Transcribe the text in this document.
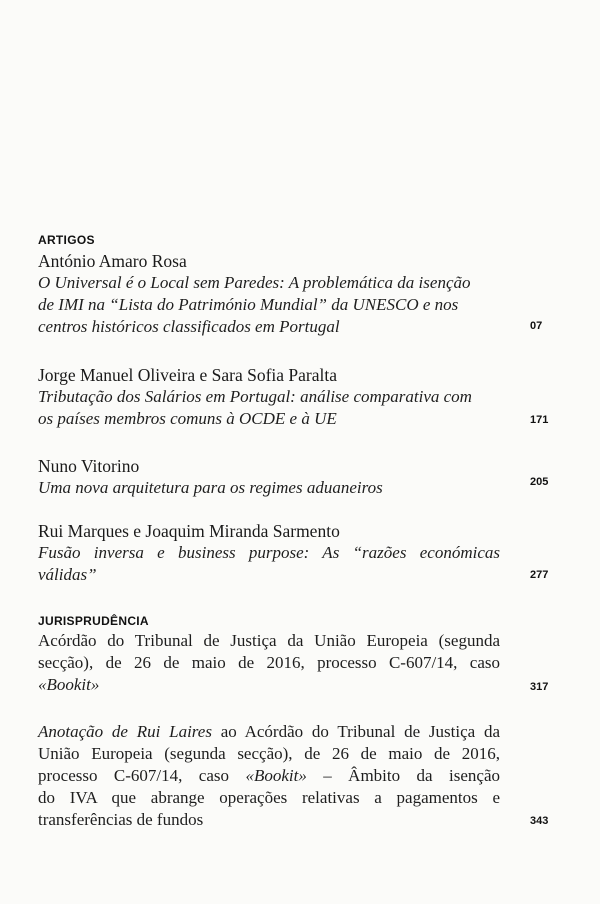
ARTIGOS
António Amaro Rosa
O Universal é o Local sem Paredes: A problemática da isenção
de IMI na “Lista do Património Mundial” da UNESCO e nos
centros históricos classificados em Portugal	07
Jorge Manuel Oliveira e Sara Sofia Paralta
Tributação dos Salários em Portugal: análise comparativa com
os países membros comuns à OCDE e à UE	171
Nuno Vitorino
Uma nova arquitetura para os regimes aduaneiros	205
Rui Marques e Joaquim Miranda Sarmento
Fusão inversa e business purpose: As “razões económicas
válidas”	277
JURISPRUDÊNCIA
Acórdão do Tribunal de Justiça da União Europeia (segunda
secção), de 26 de maio de 2016, processo C-607/14, caso
«Bookit»	317
Anotação de Rui Laires ao Acórdão do Tribunal de Justiça da
União Europeia (segunda secção), de 26 de maio de 2016,
processo C-607/14, caso «Bookit» – Âmbito da isenção
do IVA que abrange operações relativas a pagamentos e
transferências de fundos	343
